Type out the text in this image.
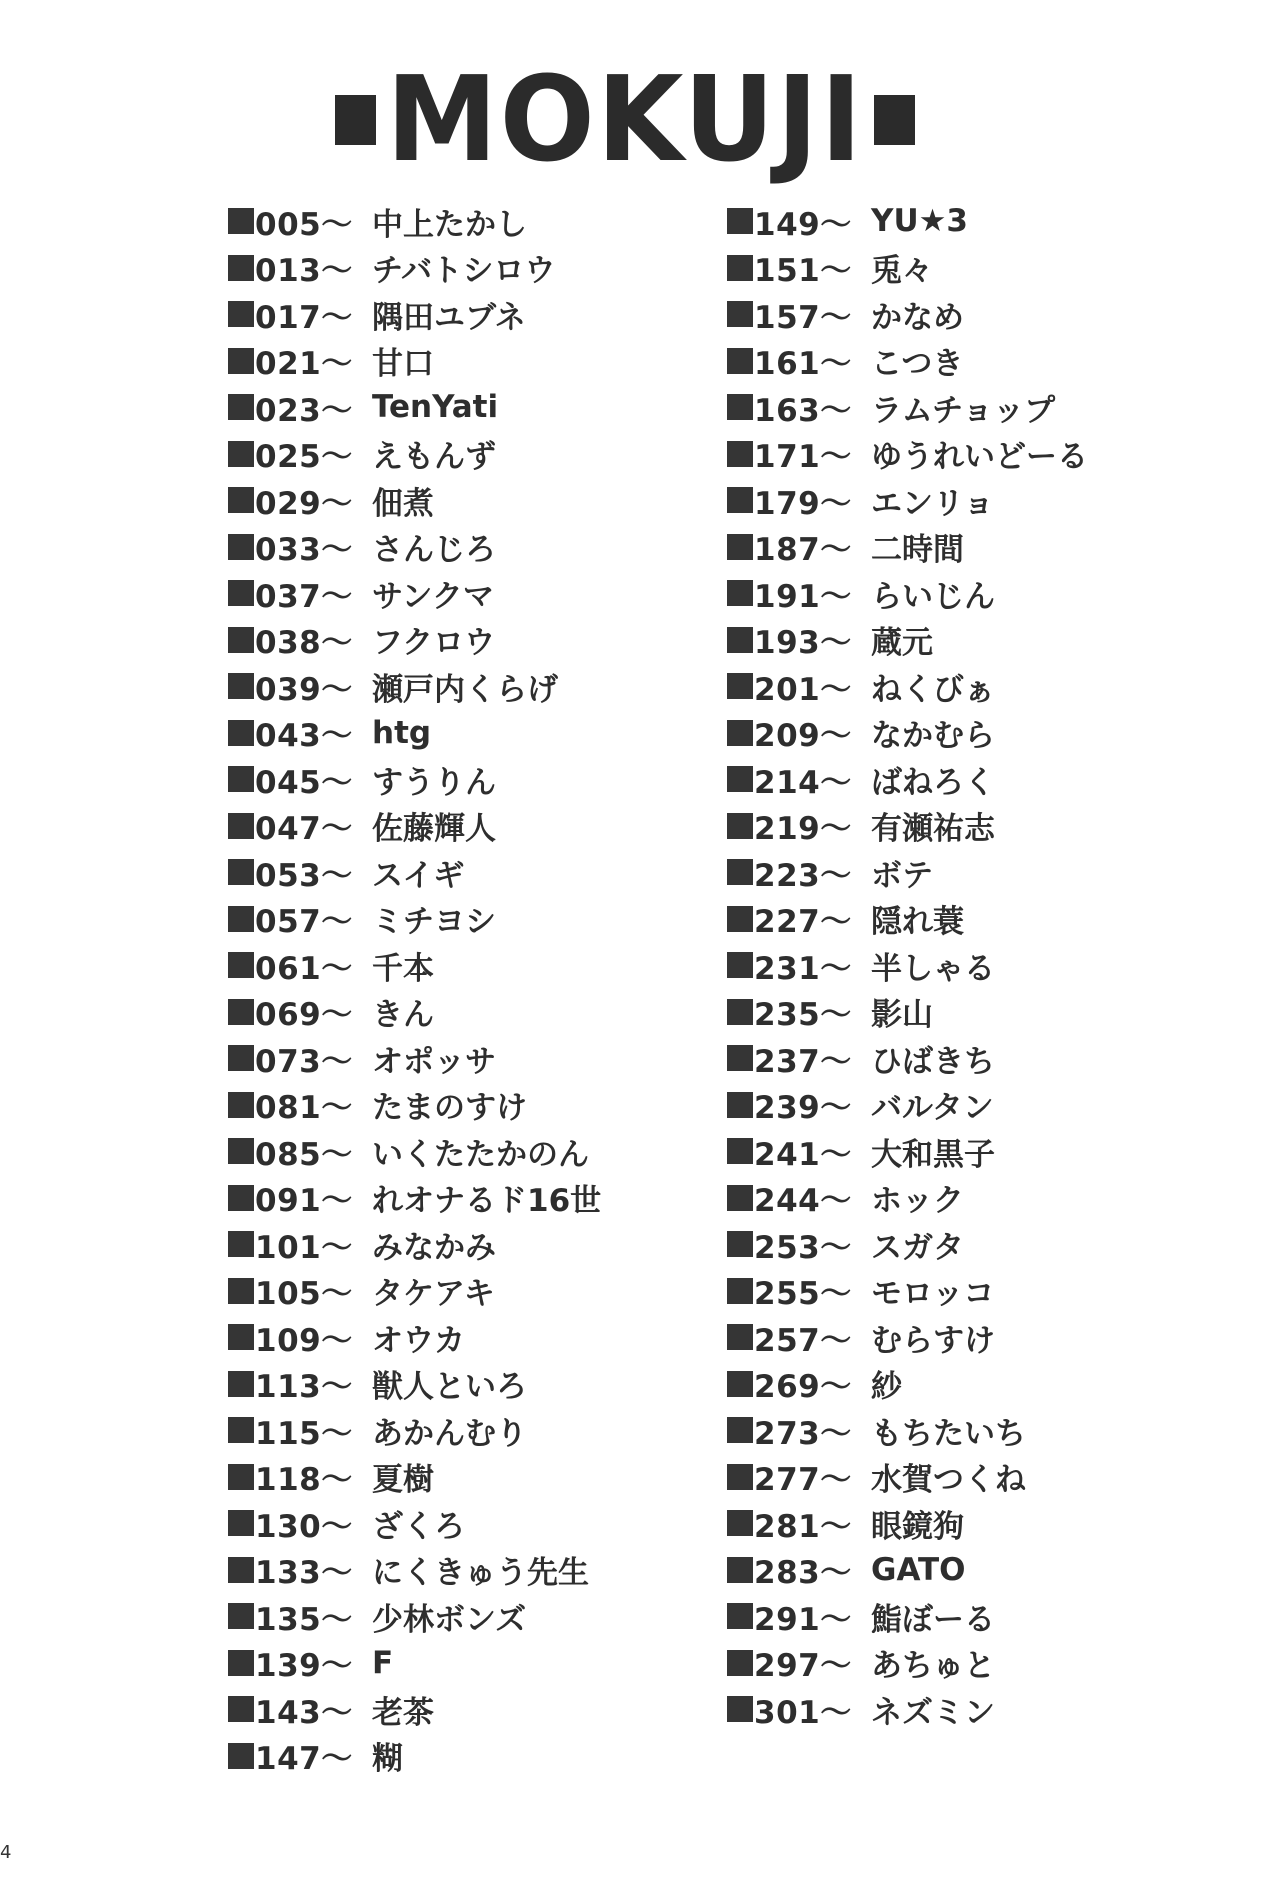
MOKUJI
005～ 中上たかし
013～ チバトシロウ
017～ 隅田ユブネ
021～ 甘口
023～ TenYati
025～ えもんず
029～ 佃煮
033～ さんじろ
037～ サンクマ
038～ フクロウ
039～ 瀬戸内くらげ
043～ htg
045～ すうりん
047～ 佐藤輝人
053～ スイギ
057～ ミチヨシ
061～ 千本
069～ きん
073～ オポッサ
081～ たまのすけ
085～ いくたたかのん
091～ れオナるド16世
101～ みなかみ
105～ タケアキ
109～ オウカ
113～ 獣人といろ
115～ あかんむり
118～ 夏樹
130～ ざくろ
133～ にくきゅう先生
135～ 少林ボンズ
139～ F
143～ 老茶
147～ 糊
149～ YU★3
151～ 兎々
157～ かなめ
161～ こつき
163～ ラムチョップ
171～ ゆうれいどーる
179～ エンリョ
187～ 二時間
191～ らいじん
193～ 蔵元
201～ ねくびぁ
209～ なかむら
214～ ばねろく
219～ 有瀬祐志
223～ ボテ
227～ 隠れ蓑
231～ 半しゃる
235～ 影山
237～ ひばきち
239～ バルタン
241～ 大和黒子
244～ ホック
253～ スガタ
255～ モロッコ
257～ むらすけ
269～ 紗
273～ もちたいち
277～ 水賀つくね
281～ 眼鏡狗
283～ GATO
291～ 鮨ぼーる
297～ あちゅと
301～ ネズミン
4
